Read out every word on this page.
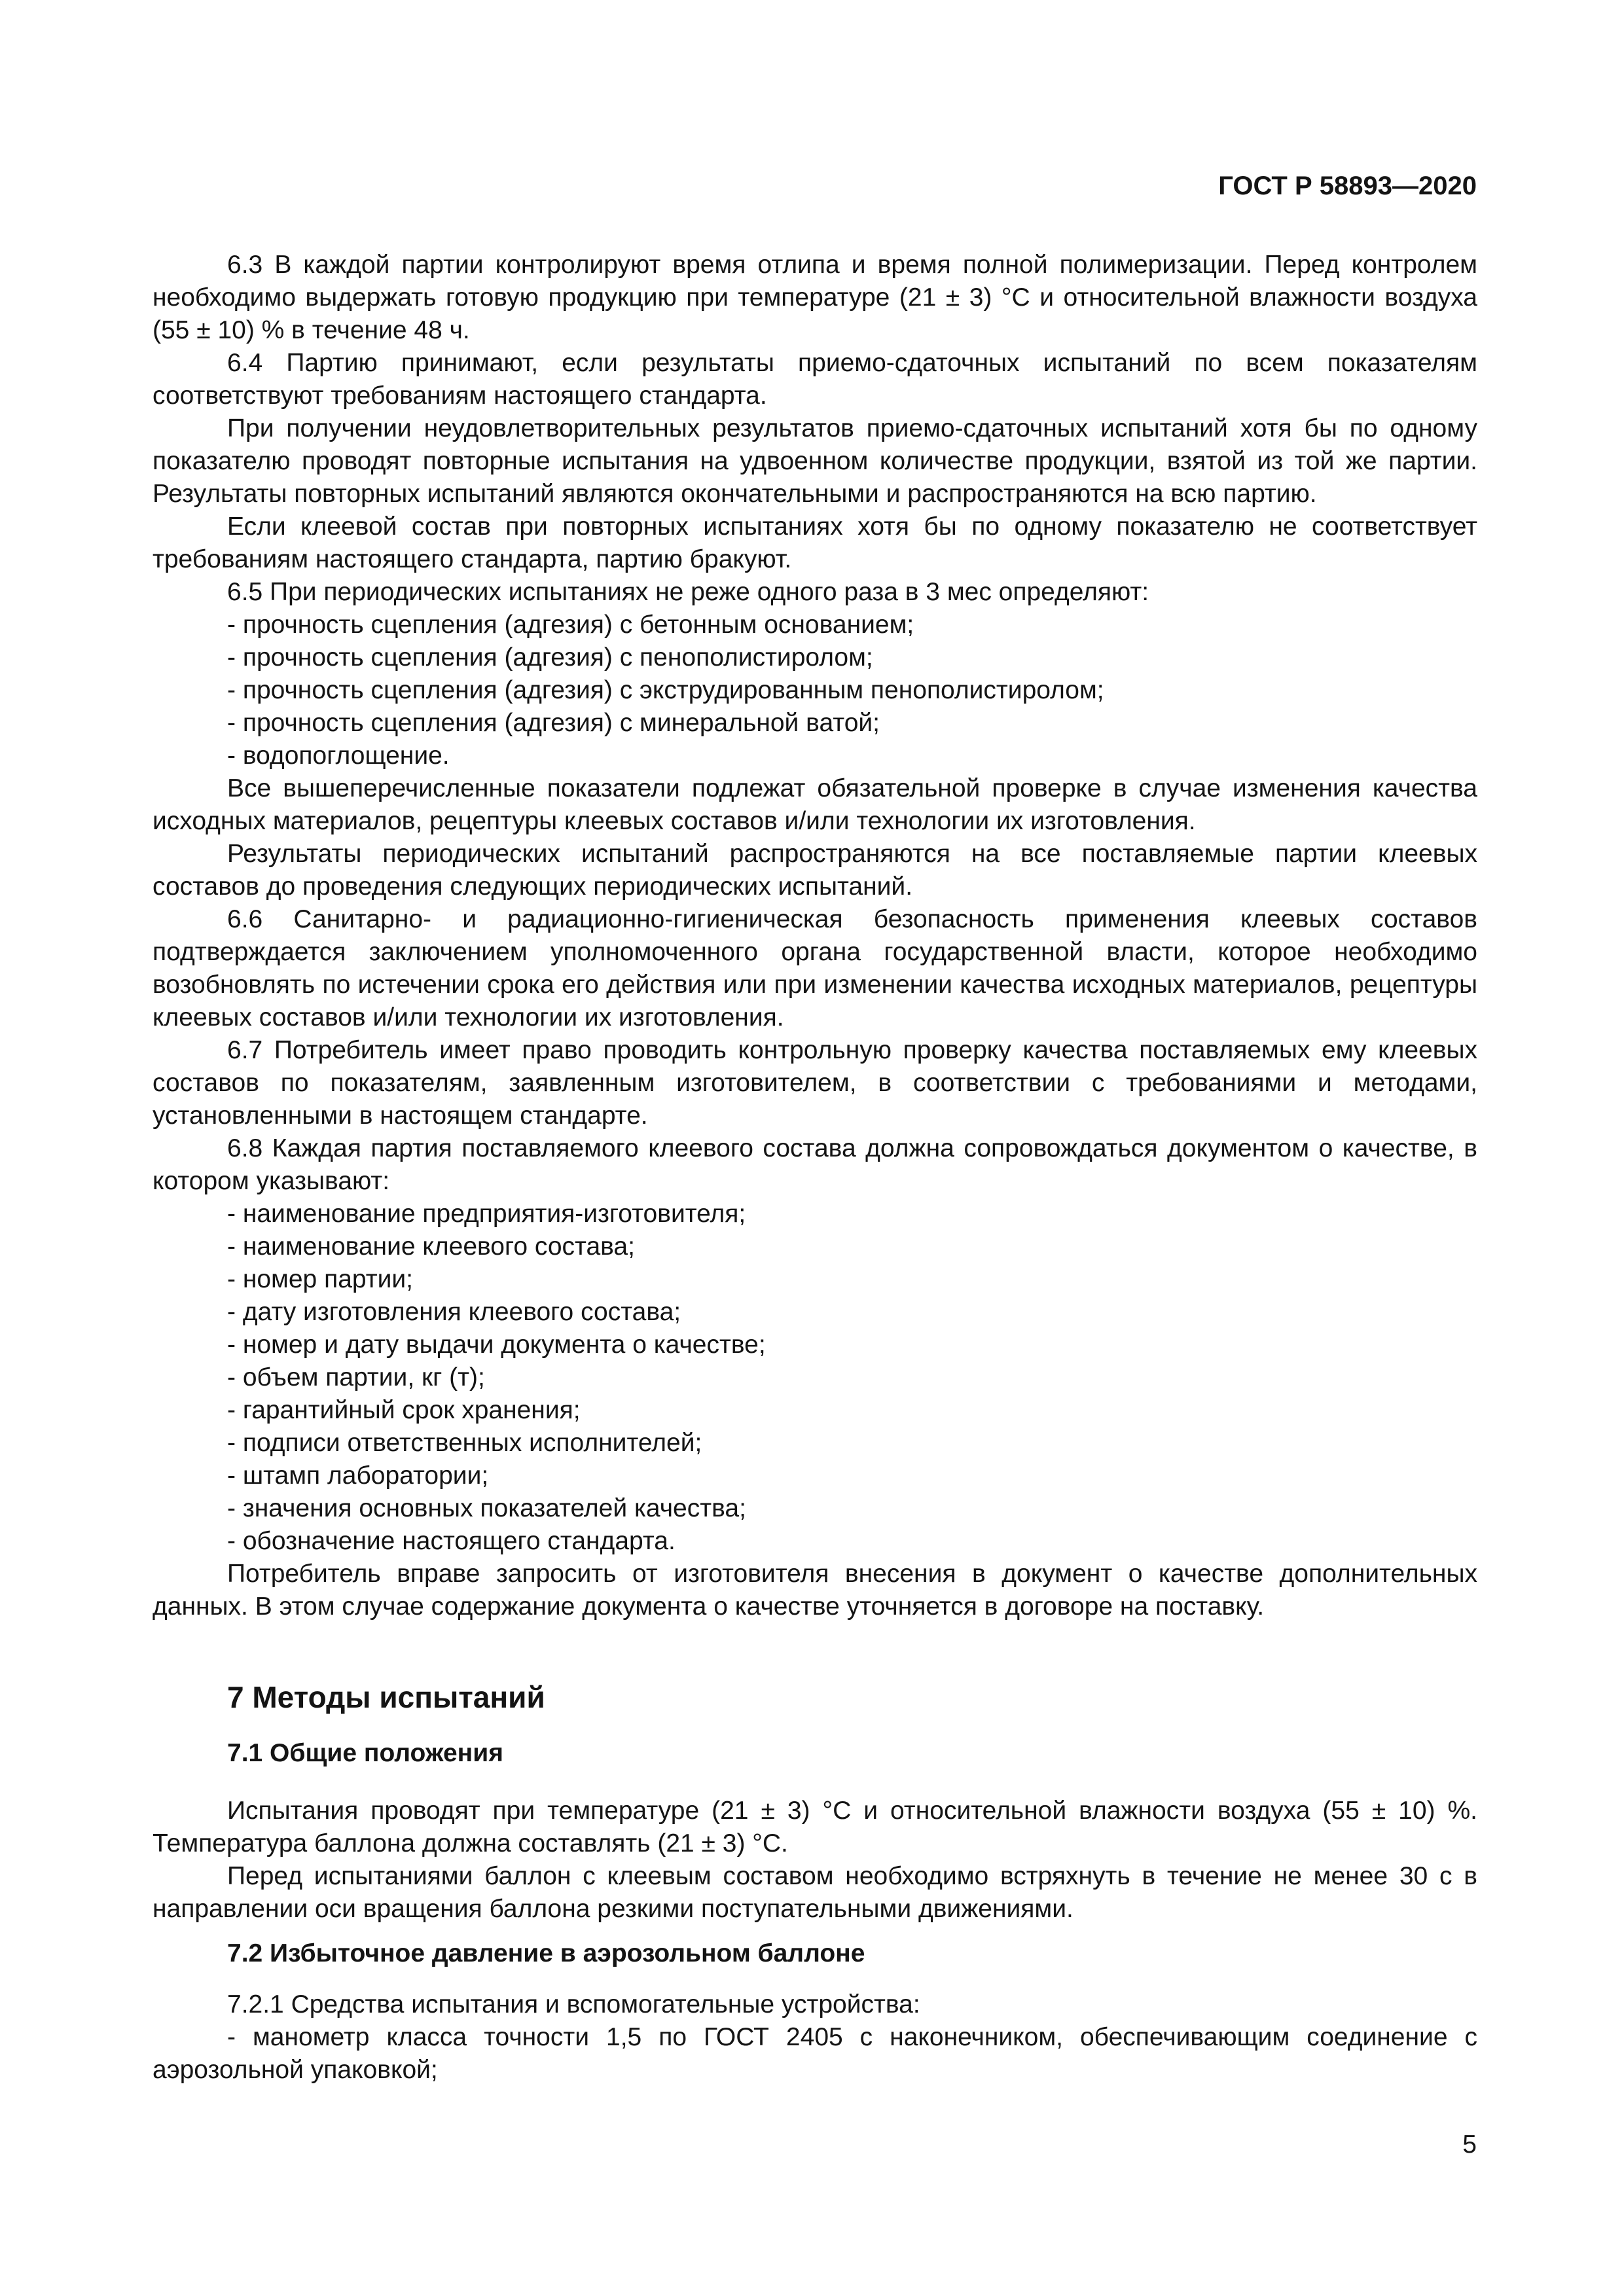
ГОСТ Р 58893—2020

6.3 В каждой партии контролируют время отлипа и время полной полимеризации. Перед контролем необходимо выдержать готовую продукцию при температуре (21 ± 3) °С и относительной влажности воздуха (55 ± 10) % в течение 48 ч.

6.4 Партию принимают, если результаты приемо-сдаточных испытаний по всем показателям соответствуют требованиям настоящего стандарта.

При получении неудовлетворительных результатов приемо-сдаточных испытаний хотя бы по одному показателю проводят повторные испытания на удвоенном количестве продукции, взятой из той же партии. Результаты повторных испытаний являются окончательными и распространяются на всю партию.

Если клеевой состав при повторных испытаниях хотя бы по одному показателю не соответствует требованиям настоящего стандарта, партию бракуют.

6.5 При периодических испытаниях не реже одного раза в 3 мес определяют:

- прочность сцепления (адгезия) с бетонным основанием;

- прочность сцепления (адгезия) с пенополистиролом;

- прочность сцепления (адгезия) с экструдированным пенополистиролом;

- прочность сцепления (адгезия) с минеральной ватой;

- водопоглощение.

Все вышеперечисленные показатели подлежат обязательной проверке в случае изменения качества исходных материалов, рецептуры клеевых составов и/или технологии их изготовления.

Результаты периодических испытаний распространяются на все поставляемые партии клеевых составов до проведения следующих периодических испытаний.

6.6 Санитарно- и радиационно-гигиеническая безопасность применения клеевых составов подтверждается заключением уполномоченного органа государственной власти, которое необходимо возобновлять по истечении срока его действия или при изменении качества исходных материалов, рецептуры клеевых составов и/или технологии их изготовления.

6.7 Потребитель имеет право проводить контрольную проверку качества поставляемых ему клеевых составов по показателям, заявленным изготовителем, в соответствии с требованиями и методами, установленными в настоящем стандарте.

6.8 Каждая партия поставляемого клеевого состава должна сопровождаться документом о качестве, в котором указывают:

- наименование предприятия-изготовителя;

- наименование клеевого состава;

- номер партии;

- дату изготовления клеевого состава;

- номер и дату выдачи документа о качестве;

- объем партии, кг (т);

- гарантийный срок хранения;

- подписи ответственных исполнителей;

- штамп лаборатории;

- значения основных показателей качества;

- обозначение настоящего стандарта.

Потребитель вправе запросить от изготовителя внесения в документ о качестве дополнительных данных. В этом случае содержание документа о качестве уточняется в договоре на поставку.

7 Методы испытаний
7.1 Общие положения

Испытания проводят при температуре (21 ± 3) °С и относительной влажности воздуха (55 ± 10) %. Температура баллона должна составлять (21 ± 3) °С.

Перед испытаниями баллон с клеевым составом необходимо встряхнуть в течение не менее 30 с в направлении оси вращения баллона резкими поступательными движениями.

7.2 Избыточное давление в аэрозольном баллоне

7.2.1 Средства испытания и вспомогательные устройства:

- манометр класса точности 1,5 по ГОСТ 2405 с наконечником, обеспечивающим соединение с аэрозольной упаковкой;

5
